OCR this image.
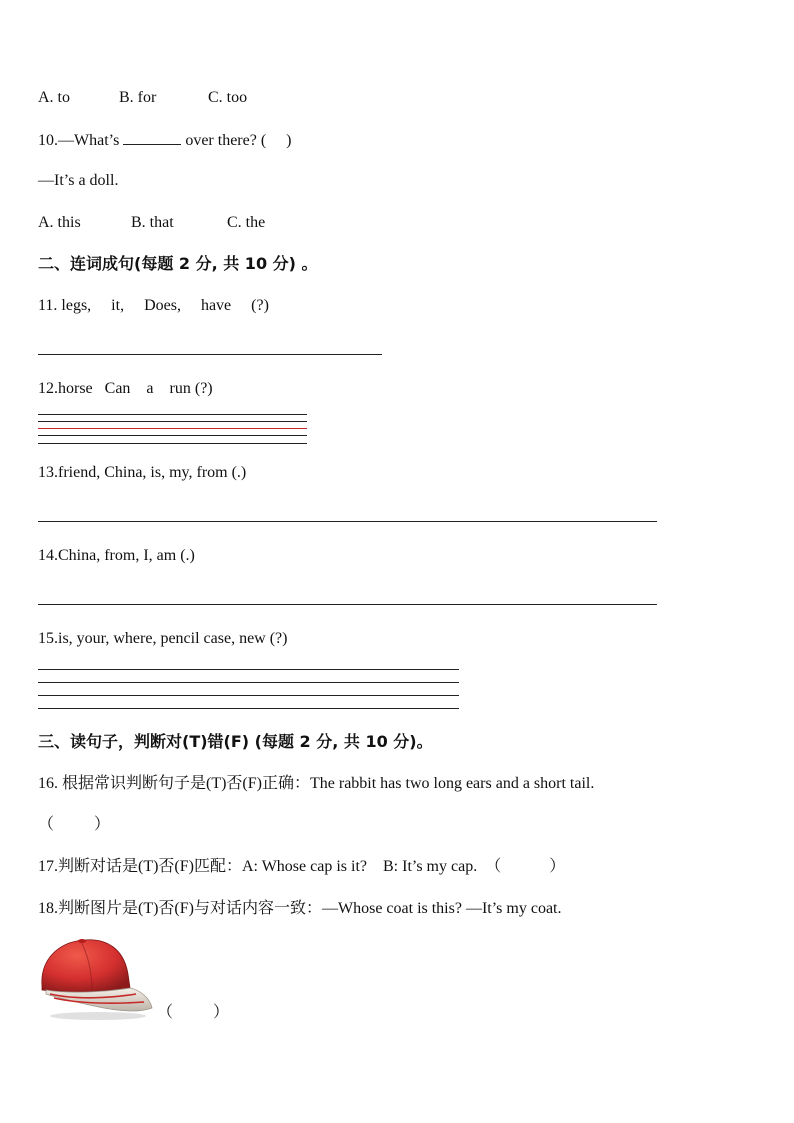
A. to	B. for	C. too
10.—What’s	over there? (     )
—It’s a doll.
A. this	B. that	C. the
二、连词成句(每题 2 分, 共 10 分) 。
11. legs,     it,     Does,     have     (?)
12.horse   Can    a    run (?)
13.friend, China, is, my, from (.)
14.China, from, I, am (.)
15.is, your, where, pencil case, new (?)
三、读句子，判断对(T)错(F) (每题 2 分, 共 10 分)。
16. 根据常识判断句子是(T)否(F)正确：The rabbit has two long ears and a short tail.
（          ）
17.判断对话是(T)否(F)匹配：A: Whose cap is it?    B: It’s my cap.  （            ）
18.判断图片是(T)否(F)与对话内容一致：—Whose coat is this? —It’s my coat.
（          ）
